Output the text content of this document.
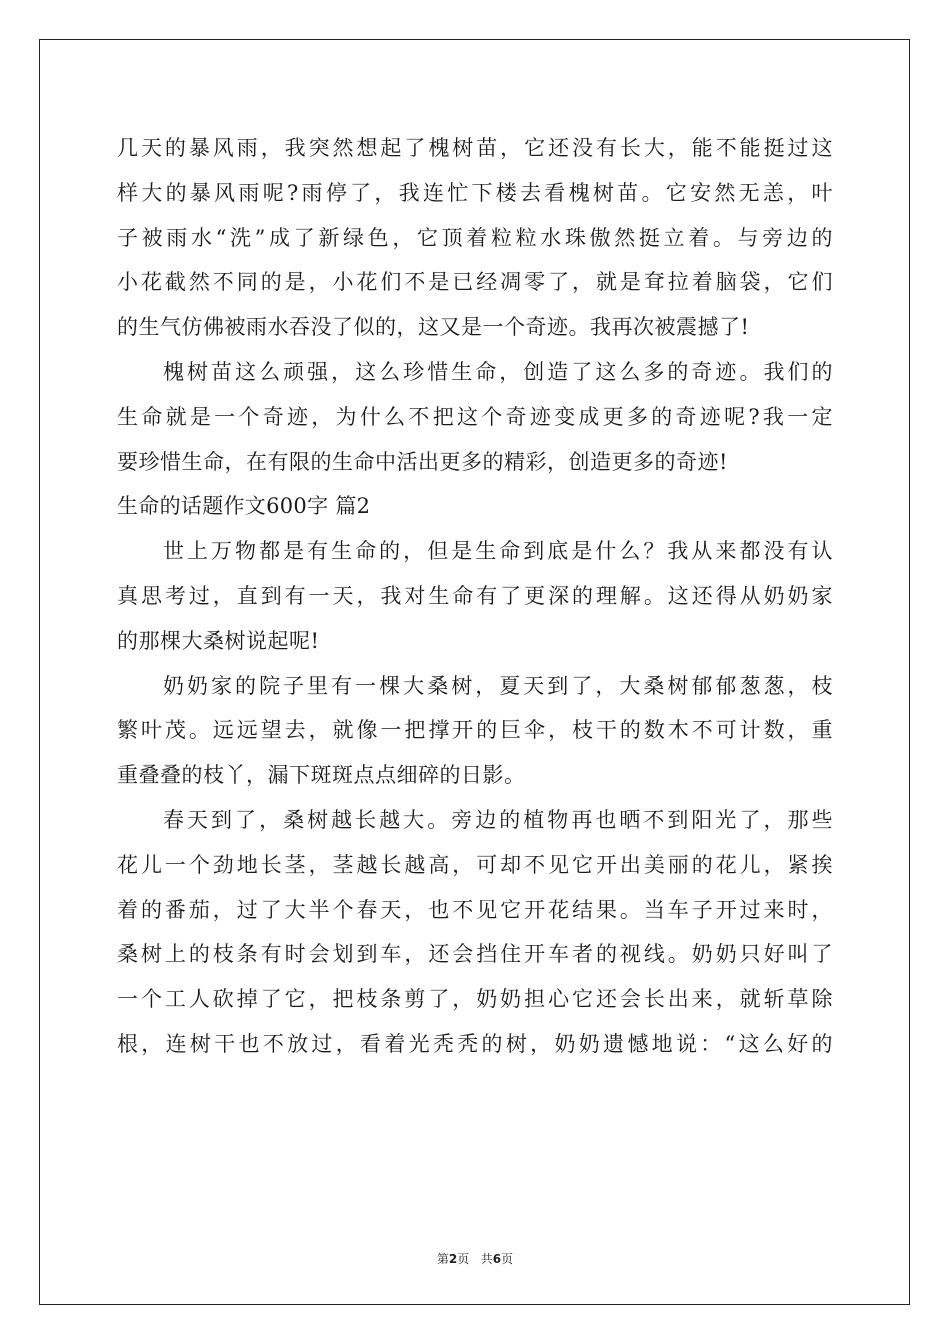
几天的暴风雨，我突然想起了槐树苗，它还没有长大，能不能挺过这
样大的暴风雨呢?雨停了，我连忙下楼去看槐树苗。它安然无恙，叶
子被雨水“洗”成了新绿色，它顶着粒粒水珠傲然挺立着。与旁边的
小花截然不同的是，小花们不是已经凋零了，就是耷拉着脑袋，它们
的生气仿佛被雨水吞没了似的，这又是一个奇迹。我再次被震撼了!
槐树苗这么顽强，这么珍惜生命，创造了这么多的奇迹。我们的
生命就是一个奇迹，为什么不把这个奇迹变成更多的奇迹呢?我一定
要珍惜生命，在有限的生命中活出更多的精彩，创造更多的奇迹!
生命的话题作文600字 篇2
世上万物都是有生命的，但是生命到底是什么？我从来都没有认
真思考过，直到有一天，我对生命有了更深的理解。这还得从奶奶家
的那棵大桑树说起呢!
奶奶家的院子里有一棵大桑树，夏天到了，大桑树郁郁葱葱，枝
繁叶茂。远远望去，就像一把撑开的巨伞，枝干的数木不可计数，重
重叠叠的枝丫，漏下斑斑点点细碎的日影。
春天到了，桑树越长越大。旁边的植物再也晒不到阳光了，那些
花儿一个劲地长茎，茎越长越高，可却不见它开出美丽的花儿，紧挨
着的番茄，过了大半个春天，也不见它开花结果。当车子开过来时，
桑树上的枝条有时会划到车，还会挡住开车者的视线。奶奶只好叫了
一个工人砍掉了它，把枝条剪了，奶奶担心它还会长出来，就斩草除
根，连树干也不放过，看着光秃秃的树，奶奶遗憾地说：“这么好的
第2页   共6页
